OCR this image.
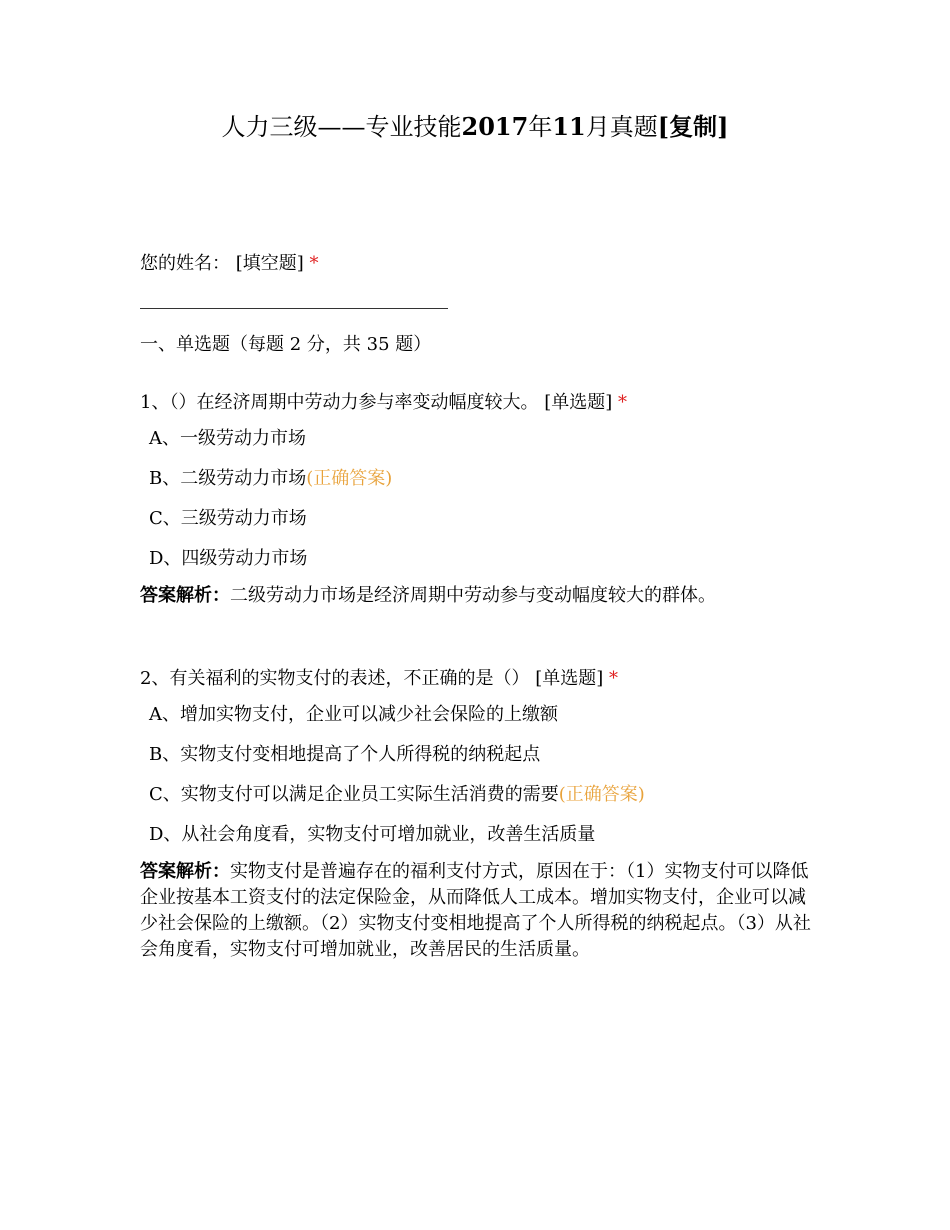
人力三级——专业技能2017年11月真题[复制]
您的姓名： [填空题] *
一、单选题（每题 2 分，共 35 题）
1、（）在经济周期中劳动力参与率变动幅度较大。 [单选题] *
A、一级劳动力市场
B、二级劳动力市场(正确答案)
C、三级劳动力市场
D、四级劳动力市场
答案解析：二级劳动力市场是经济周期中劳动参与变动幅度较大的群体。
2、有关福利的实物支付的表述，不正确的是（） [单选题] *
A、增加实物支付，企业可以减少社会保险的上缴额
B、实物支付变相地提高了个人所得税的纳税起点
C、实物支付可以满足企业员工实际生活消费的需要(正确答案)
D、从社会角度看，实物支付可增加就业，改善生活质量
答案解析：实物支付是普遍存在的福利支付方式，原因在于：（1）实物支付可以降低企业按基本工资支付的法定保险金，从而降低人工成本。增加实物支付，企业可以减少社会保险的上缴额。（2）实物支付变相地提高了个人所得税的纳税起点。（3）从社会角度看，实物支付可增加就业，改善居民的生活质量。
